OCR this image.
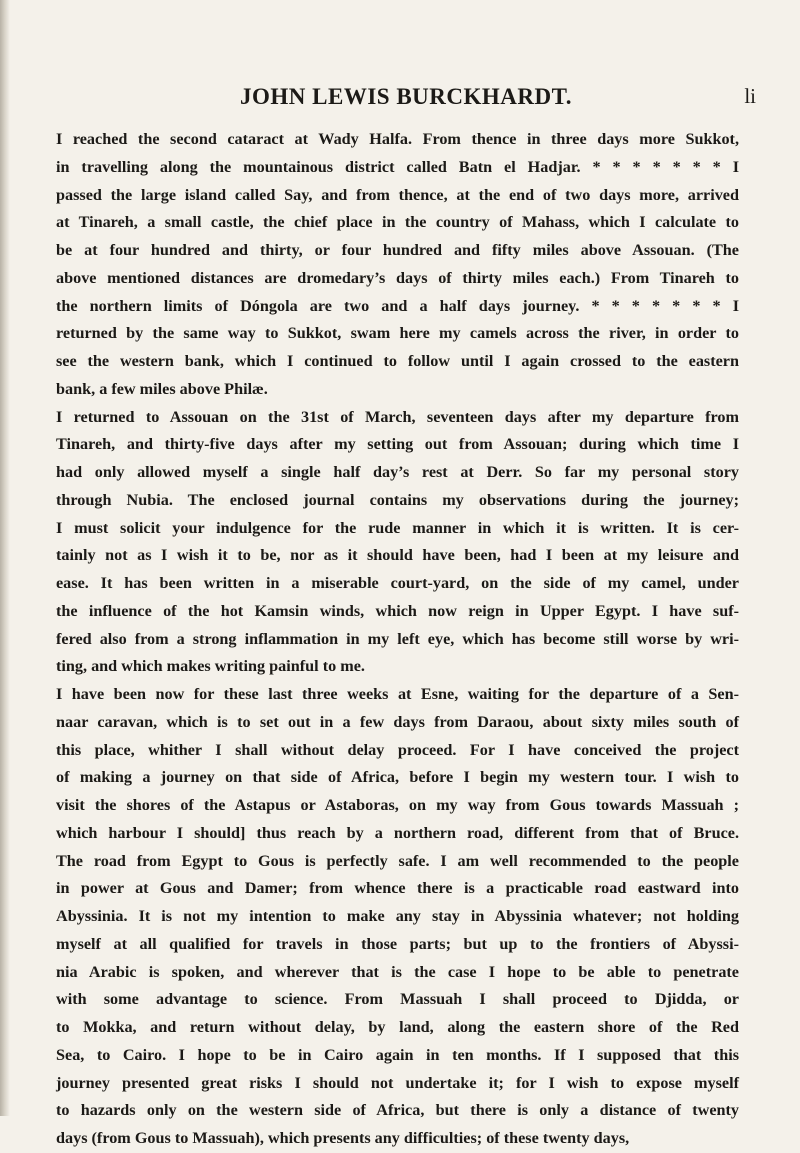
JOHN LEWIS BURCKHARDT.	li

I reached the second cataract at Wady Halfa. From thence in three days more Sukkot,
in travelling along the mountainous district called Batn el Hadjar. * * * * * * * I
passed the large island called Say, and from thence, at the end of two days more, arrived
at Tinareh, a small castle, the chief place in the country of Mahass, which I calculate to
be at four hundred and thirty, or four hundred and fifty miles above Assouan. (The
above mentioned distances are dromedary’s days of thirty miles each.) From Tinareh to
the northern limits of Dóngola are two and a half days journey. * * * * * * * I
returned by the same way to Sukkot, swam here my camels across the river, in order to
see the western bank, which I continued to follow until I again crossed to the eastern
bank, a few miles above Philæ.

I returned to Assouan on the 31st of March, seventeen days after my departure from
Tinareh, and thirty-five days after my setting out from Assouan; during which time I
had only allowed myself a single half day’s rest at Derr. So far my personal story
through Nubia. The enclosed journal contains my observations during the journey;
I must solicit your indulgence for the rude manner in which it is written. It is cer-
tainly not as I wish it to be, nor as it should have been, had I been at my leisure and
ease. It has been written in a miserable court-yard, on the side of my camel, under
the influence of the hot Kamsin winds, which now reign in Upper Egypt. I have suf-
fered also from a strong inflammation in my left eye, which has become still worse by wri-
ting, and which makes writing painful to me.

I have been now for these last three weeks at Esne, waiting for the departure of a Sen-
naar caravan, which is to set out in a few days from Daraou, about sixty miles south of
this place, whither I shall without delay proceed. For I have conceived the project
of making a journey on that side of Africa, before I begin my western tour. I wish to
visit the shores of the Astapus or Astaboras, on my way from Gous towards Massuah ;
which harbour I should] thus reach by a northern road, different from that of Bruce.
The road from Egypt to Gous is perfectly safe. I am well recommended to the people
in power at Gous and Damer; from whence there is a practicable road eastward into
Abyssinia. It is not my intention to make any stay in Abyssinia whatever; not holding
myself at all qualified for travels in those parts; but up to the frontiers of Abyssi-
nia Arabic is spoken, and wherever that is the case I hope to be able to penetrate
with some advantage to science. From Massuah I shall proceed to Djidda, or
to Mokka, and return without delay, by land, along the eastern shore of the Red
Sea, to Cairo. I hope to be in Cairo again in ten months. If I supposed that this
journey presented great risks I should not undertake it; for I wish to expose myself
to hazards only on the western side of Africa, but there is only a distance of twenty
days (from Gous to Massuah), which presents any difficulties; of these twenty days,
